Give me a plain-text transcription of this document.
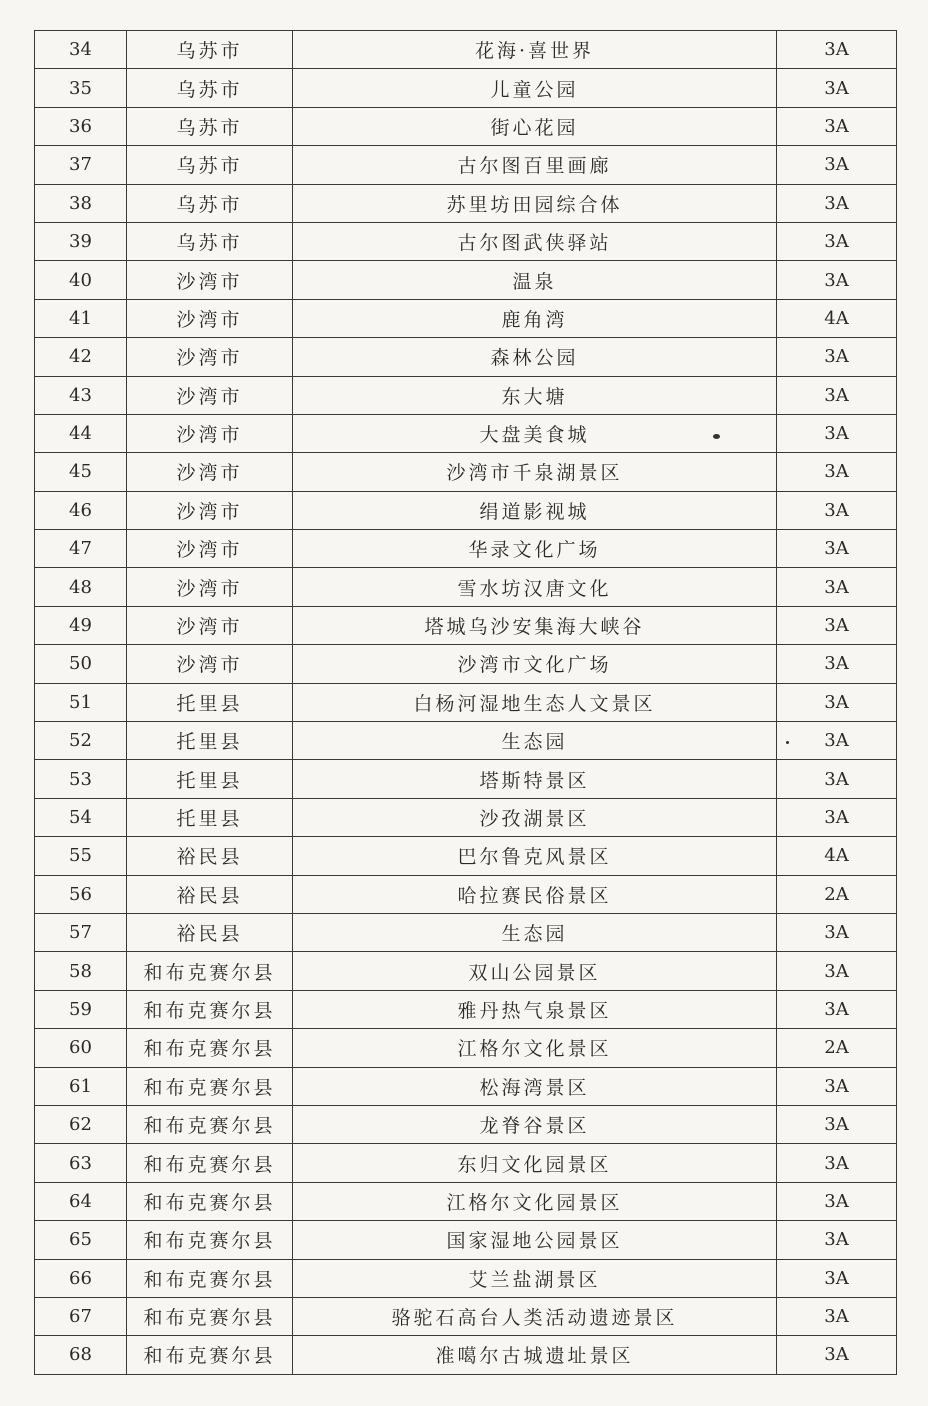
34	乌苏市	花海·喜世界	3A
35	乌苏市	儿童公园	3A
36	乌苏市	街心花园	3A
37	乌苏市	古尔图百里画廊	3A
38	乌苏市	苏里坊田园综合体	3A
39	乌苏市	古尔图武侠驿站	3A
40	沙湾市	温泉	3A
41	沙湾市	鹿角湾	4A
42	沙湾市	森林公园	3A
43	沙湾市	东大塘	3A
44	沙湾市	大盘美食城	3A
45	沙湾市	沙湾市千泉湖景区	3A
46	沙湾市	绢道影视城	3A
47	沙湾市	华录文化广场	3A
48	沙湾市	雪水坊汉唐文化	3A
49	沙湾市	塔城乌沙安集海大峡谷	3A
50	沙湾市	沙湾市文化广场	3A
51	托里县	白杨河湿地生态人文景区	3A
52	托里县	生态园	3A
53	托里县	塔斯特景区	3A
54	托里县	沙孜湖景区	3A
55	裕民县	巴尔鲁克风景区	4A
56	裕民县	哈拉赛民俗景区	2A
57	裕民县	生态园	3A
58	和布克赛尔县	双山公园景区	3A
59	和布克赛尔县	雅丹热气泉景区	3A
60	和布克赛尔县	江格尔文化景区	2A
61	和布克赛尔县	松海湾景区	3A
62	和布克赛尔县	龙脊谷景区	3A
63	和布克赛尔县	东归文化园景区	3A
64	和布克赛尔县	江格尔文化园景区	3A
65	和布克赛尔县	国家湿地公园景区	3A
66	和布克赛尔县	艾兰盐湖景区	3A
67	和布克赛尔县	骆驼石高台人类活动遗迹景区	3A
68	和布克赛尔县	准噶尔古城遗址景区	3A
